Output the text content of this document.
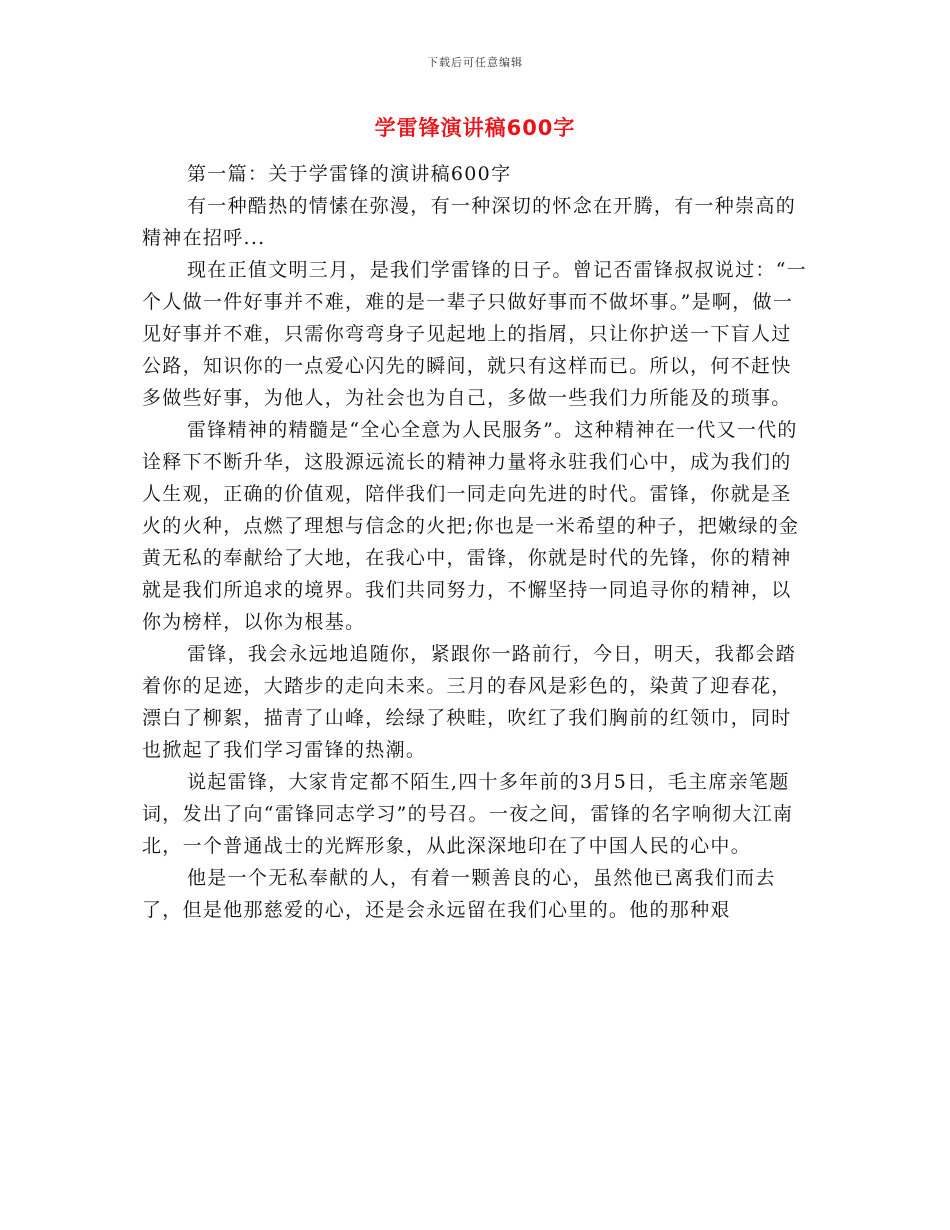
下载后可任意编辑
学雷锋演讲稿600字

第一篇：关于学雷锋的演讲稿600字

有一种酷热的情愫在弥漫，有一种深切的怀念在开腾，有一种崇高的精神在招呼...

现在正值文明三月，是我们学雷锋的日子。曾记否雷锋叔叔说过：“一个人做一件好事并不难，难的是一辈子只做好事而不做坏事。”是啊，做一见好事并不难，只需你弯弯身子见起地上的指屑，只让你护送一下盲人过公路，知识你的一点爱心闪先的瞬间，就只有这样而已。所以，何不赶快多做些好事，为他人，为社会也为自己，多做一些我们力所能及的琐事。

雷锋精神的精髓是“全心全意为人民服务”。这种精神在一代又一代的诠释下不断升华，这股源远流长的精神力量将永驻我们心中，成为我们的人生观，正确的价值观，陪伴我们一同走向先进的时代。雷锋，你就是圣火的火种，点燃了理想与信念的火把;你也是一米希望的种子，把嫩绿的金黄无私的奉献给了大地，在我心中，雷锋，你就是时代的先锋，你的精神就是我们所追求的境界。我们共同努力，不懈坚持一同追寻你的精神，以你为榜样，以你为根基。

雷锋，我会永远地追随你，紧跟你一路前行，今日，明天，我都会踏着你的足迹，大踏步的走向未来。三月的春风是彩色的，染黄了迎春花，漂白了柳絮，描青了山峰，绘绿了秧畦，吹红了我们胸前的红领巾，同时也掀起了我们学习雷锋的热潮。

说起雷锋，大家肯定都不陌生,四十多年前的3月5日，毛主席亲笔题词，发出了向“雷锋同志学习”的号召。一夜之间，雷锋的名字响彻大江南北，一个普通战士的光辉形象，从此深深地印在了中国人民的心中。

他是一个无私奉献的人，有着一颗善良的心，虽然他已离我们而去了，但是他那慈爱的心，还是会永远留在我们心里的。他的那种艰
